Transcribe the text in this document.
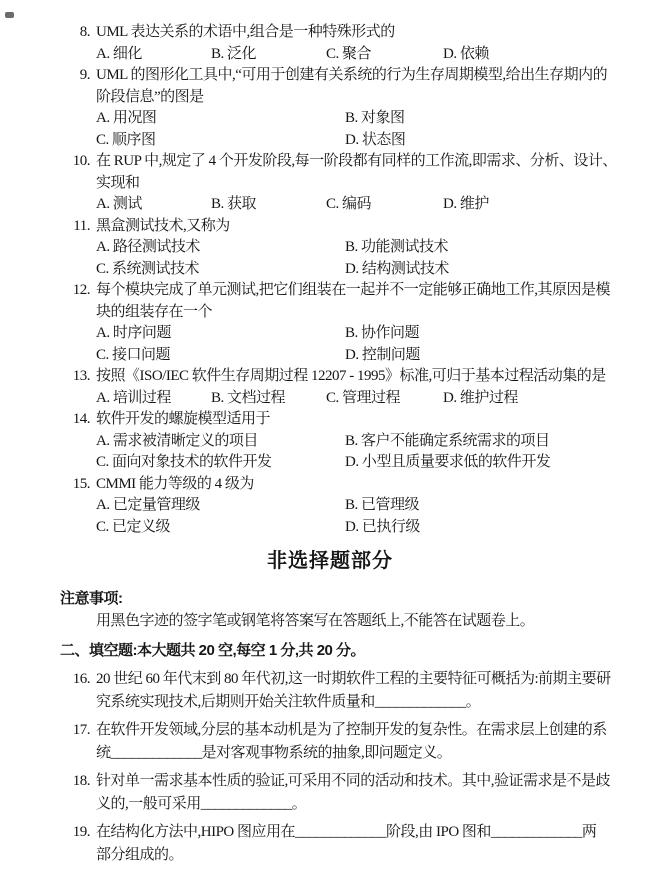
8. UML 表达关系的术语中,组合是一种特殊形式的
A. 细化	B. 泛化	C. 聚合	D. 依赖
9. UML 的图形化工具中,“可用于创建有关系统的行为生存周期模型,给出生存期内的
阶段信息”的图是
A. 用况图	B. 对象图
C. 顺序图	D. 状态图
10. 在 RUP 中,规定了 4 个开发阶段,每一阶段都有同样的工作流,即需求、分析、设计、
实现和
A. 测试	B. 获取	C. 编码	D. 维护
11. 黑盒测试技术,又称为
A. 路径测试技术	B. 功能测试技术
C. 系统测试技术	D. 结构测试技术
12. 每个模块完成了单元测试,把它们组装在一起并不一定能够正确地工作,其原因是模
块的组装存在一个
A. 时序问题	B. 协作问题
C. 接口问题	D. 控制问题
13. 按照《ISO/IEC 软件生存周期过程 12207 - 1995》标准,可归于基本过程活动集的是
A. 培训过程	B. 文档过程	C. 管理过程	D. 维护过程
14. 软件开发的螺旋模型适用于
A. 需求被清晰定义的项目	B. 客户不能确定系统需求的项目
C. 面向对象技术的软件开发	D. 小型且质量要求低的软件开发
15. CMMI 能力等级的 4 级为
A. 已定量管理级	B. 已管理级
C. 已定义级	D. 已执行级
非选择题部分
注意事项:
用黑色字迹的签字笔或钢笔将答案写在答题纸上,不能答在试题卷上。
二、填空题:本大题共 20 空,每空 1 分,共 20 分。
16. 20 世纪 60 年代末到 80 年代初,这一时期软件工程的主要特征可概括为:前期主要研
究系统实现技术,后期则开始关注软件质量和_____________。
17. 在软件开发领域,分层的基本动机是为了控制开发的复杂性。在需求层上创建的系
统_____________是对客观事物系统的抽象,即问题定义。
18. 针对单一需求基本性质的验证,可采用不同的活动和技术。其中,验证需求是不是歧
义的,一般可采用_____________。
19. 在结构化方法中,HIPO 图应用在_____________阶段,由 IPO 图和_____________两
部分组成的。
